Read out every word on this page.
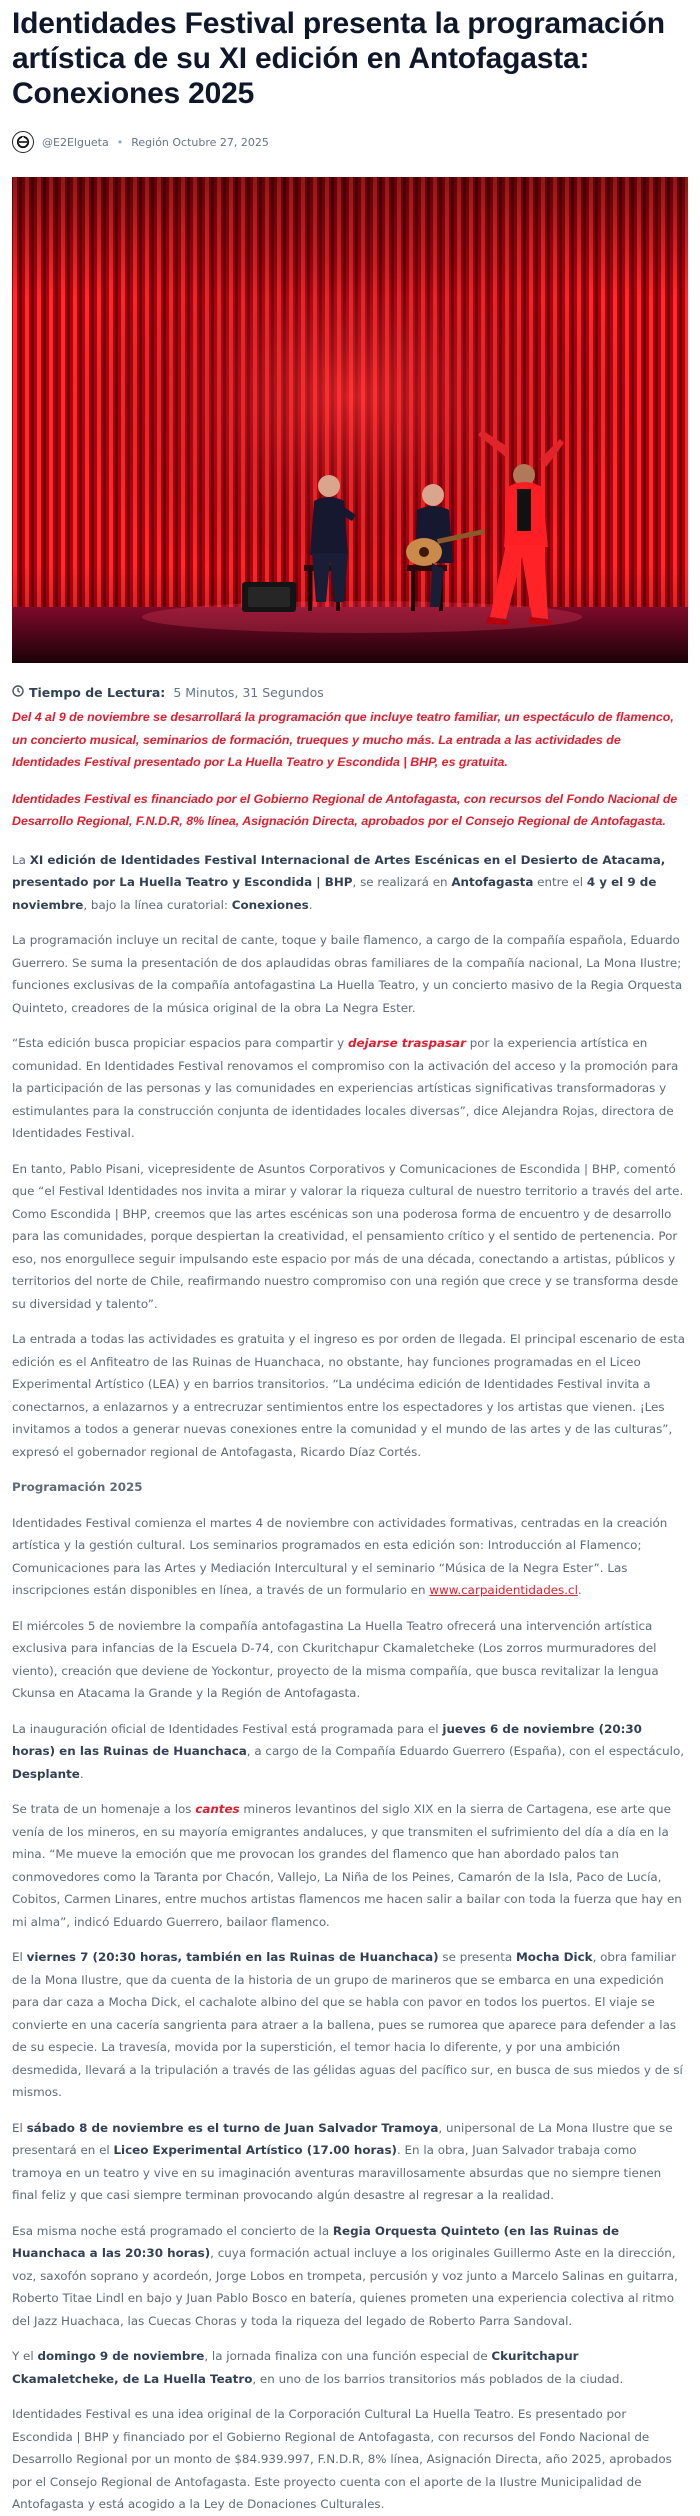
Identidades Festival presenta la programación artística de su XI edición en Antofagasta: Conexiones 2025
@E2Elgueta • Región Octubre 27, 2025
Tiempo de Lectura: 5 Minutos, 31 Segundos

Del 4 al 9 de noviembre se desarrollará la programación que incluye teatro familiar, un espectáculo de flamenco, un concierto musical, seminarios de formación, trueques y mucho más. La entrada a las actividades de Identidades Festival presentado por La Huella Teatro y Escondida | BHP, es gratuita.

Identidades Festival es financiado por el Gobierno Regional de Antofagasta, con recursos del Fondo Nacional de Desarrollo Regional, F.N.D.R, 8% línea, Asignación Directa, aprobados por el Consejo Regional de Antofagasta.

La XI edición de Identidades Festival Internacional de Artes Escénicas en el Desierto de Atacama, presentado por La Huella Teatro y Escondida | BHP, se realizará en Antofagasta entre el 4 y el 9 de noviembre, bajo la línea curatorial: Conexiones.

La programación incluye un recital de cante, toque y baile flamenco, a cargo de la compañía española, Eduardo Guerrero. Se suma la presentación de dos aplaudidas obras familiares de la compañía nacional, La Mona Ilustre; funciones exclusivas de la compañía antofagastina La Huella Teatro, y un concierto masivo de la Regia Orquesta Quinteto, creadores de la música original de la obra La Negra Ester.

“Esta edición busca propiciar espacios para compartir y dejarse traspasar por la experiencia artística en comunidad. En Identidades Festival renovamos el compromiso con la activación del acceso y la promoción para la participación de las personas y las comunidades en experiencias artísticas significativas transformadoras y estimulantes para la construcción conjunta de identidades locales diversas”, dice Alejandra Rojas, directora de Identidades Festival.

En tanto, Pablo Pisani, vicepresidente de Asuntos Corporativos y Comunicaciones de Escondida | BHP, comentó que “el Festival Identidades nos invita a mirar y valorar la riqueza cultural de nuestro territorio a través del arte. Como Escondida | BHP, creemos que las artes escénicas son una poderosa forma de encuentro y de desarrollo para las comunidades, porque despiertan la creatividad, el pensamiento crítico y el sentido de pertenencia. Por eso, nos enorgullece seguir impulsando este espacio por más de una década, conectando a artistas, públicos y territorios del norte de Chile, reafirmando nuestro compromiso con una región que crece y se transforma desde su diversidad y talento”.

La entrada a todas las actividades es gratuita y el ingreso es por orden de llegada. El principal escenario de esta edición es el Anfiteatro de las Ruinas de Huanchaca, no obstante, hay funciones programadas en el Liceo Experimental Artístico (LEA) y en barrios transitorios. “La undécima edición de Identidades Festival invita a conectarnos, a enlazarnos y a entrecruzar sentimientos entre los espectadores y los artistas que vienen. ¡Les invitamos a todos a generar nuevas conexiones entre la comunidad y el mundo de las artes y de las culturas”, expresó el gobernador regional de Antofagasta, Ricardo Díaz Cortés.

Programación 2025

Identidades Festival comienza el martes 4 de noviembre con actividades formativas, centradas en la creación artística y la gestión cultural. Los seminarios programados en esta edición son: Introducción al Flamenco; Comunicaciones para las Artes y Mediación Intercultural y el seminario “Música de la Negra Ester”. Las inscripciones están disponibles en línea, a través de un formulario en www.carpaidentidades.cl.

El miércoles 5 de noviembre la compañía antofagastina La Huella Teatro ofrecerá una intervención artística exclusiva para infancias de la Escuela D-74, con Ckuritchapur Ckamaletcheke (Los zorros murmuradores del viento), creación que deviene de Yockontur, proyecto de la misma compañía, que busca revitalizar la lengua Ckunsa en Atacama la Grande y la Región de Antofagasta.

La inauguración oficial de Identidades Festival está programada para el jueves 6 de noviembre (20:30 horas) en las Ruinas de Huanchaca, a cargo de la Compañía Eduardo Guerrero (España), con el espectáculo, Desplante.

Se trata de un homenaje a los cantes mineros levantinos del siglo XIX en la sierra de Cartagena, ese arte que venía de los mineros, en su mayoría emigrantes andaluces, y que transmiten el sufrimiento del día a día en la mina. “Me mueve la emoción que me provocan los grandes del flamenco que han abordado palos tan conmovedores como la Taranta por Chacón, Vallejo, La Niña de los Peines, Camarón de la Isla, Paco de Lucía, Cobitos, Carmen Linares, entre muchos artistas flamencos me hacen salir a bailar con toda la fuerza que hay en mi alma”, indicó Eduardo Guerrero, bailaor flamenco.

El viernes 7 (20:30 horas, también en las Ruinas de Huanchaca) se presenta Mocha Dick, obra familiar de la Mona Ilustre, que da cuenta de la historia de un grupo de marineros que se embarca en una expedición para dar caza a Mocha Dick, el cachalote albino del que se habla con pavor en todos los puertos. El viaje se convierte en una cacería sangrienta para atraer a la ballena, pues se rumorea que aparece para defender a las de su especie. La travesía, movida por la superstición, el temor hacia lo diferente, y por una ambición desmedida, llevará a la tripulación a través de las gélidas aguas del pacífico sur, en busca de sus miedos y de sí mismos.

El sábado 8 de noviembre es el turno de Juan Salvador Tramoya, unipersonal de La Mona Ilustre que se presentará en el Liceo Experimental Artístico (17.00 horas). En la obra, Juan Salvador trabaja como tramoya en un teatro y vive en su imaginación aventuras maravillosamente absurdas que no siempre tienen final feliz y que casi siempre terminan provocando algún desastre al regresar a la realidad.

Esa misma noche está programado el concierto de la Regia Orquesta Quinteto (en las Ruinas de Huanchaca a las 20:30 horas), cuya formación actual incluye a los originales Guillermo Aste en la dirección, voz, saxofón soprano y acordeón, Jorge Lobos en trompeta, percusión y voz junto a Marcelo Salinas en guitarra, Roberto Titae Lindl en bajo y Juan Pablo Bosco en batería, quienes prometen una experiencia colectiva al ritmo del Jazz Huachaca, las Cuecas Choras y toda la riqueza del legado de Roberto Parra Sandoval.

Y el domingo 9 de noviembre, la jornada finaliza con una función especial de Ckuritchapur Ckamaletcheke, de La Huella Teatro, en uno de los barrios transitorios más poblados de la ciudad.

Identidades Festival es una idea original de la Corporación Cultural La Huella Teatro. Es presentado por Escondida | BHP y financiado por el Gobierno Regional de Antofagasta, con recursos del Fondo Nacional de Desarrollo Regional por un monto de $84.939.997, F.N.D.R, 8% línea, Asignación Directa, año 2025, aprobados por el Consejo Regional de Antofagasta. Este proyecto cuenta con el aporte de la Ilustre Municipalidad de Antofagasta y está acogido a la Ley de Donaciones Culturales.
